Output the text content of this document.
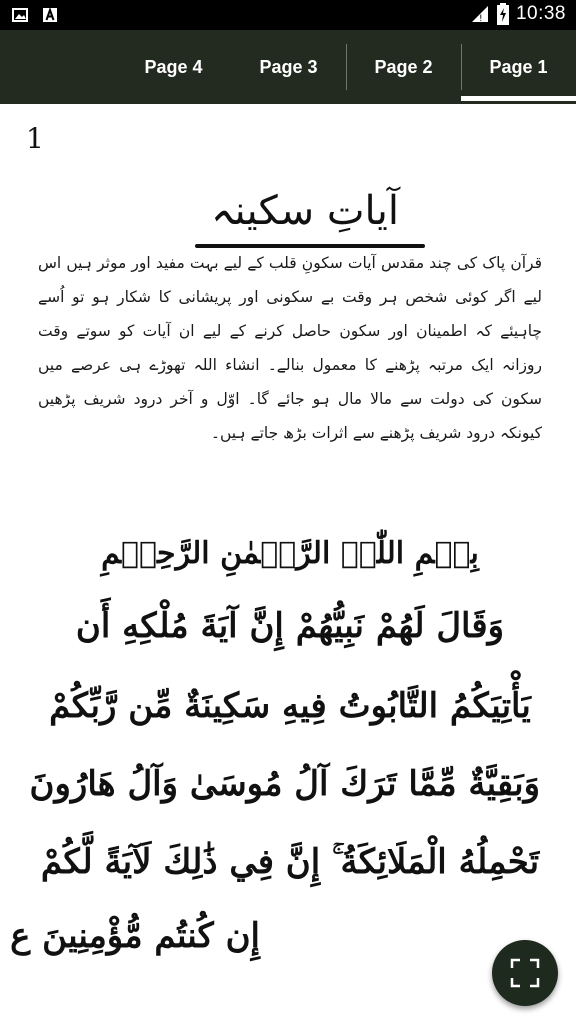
! 10:38
Page 4	Page 3	Page 2	Page 1
1
آیاتِ سکینہ
قرآن پاک کی چند مقدس آیات سکونِ قلب کے لیے بہت مفید اور موثر ہیں اس لیے اگر کوئی شخص ہر وقت بے سکونی اور پریشانی کا شکار ہو تو اُسے چاہیئے کہ اطمینان اور سکون حاصل کرنے کے لیے ان آیات کو سوتے وقت روزانہ ایک مرتبہ پڑھنے کا معمول بنالے۔ انشاء اللہ تھوڑے ہی عرصے میں سکون کی دولت سے مالا مال ہو جائے گا۔ اوّل و آخر درود شریف پڑھیں کیونکہ درود شریف پڑھنے سے اثرات بڑھ جاتے ہیں۔
بِسۡمِ اللّٰہِ الرَّحۡمٰنِ الرَّحِیۡمِ
وَقَالَ لَهُمْ نَبِيُّهُمْ إِنَّ آيَةَ مُلْكِهِ أَن
يَأْتِيَكُمُ التَّابُوتُ فِيهِ سَكِينَةٌ مِّن رَّبِّكُمْ
وَبَقِيَّةٌ مِّمَّا تَرَكَ آلُ مُوسَىٰ وَآلُ هَارُونَ
تَحْمِلُهُ الْمَلَائِكَةُ ۚ إِنَّ فِي ذَٰلِكَ لَآيَةً لَّكُمْ
إِن كُنتُم مُّؤْمِنِينَ ع
